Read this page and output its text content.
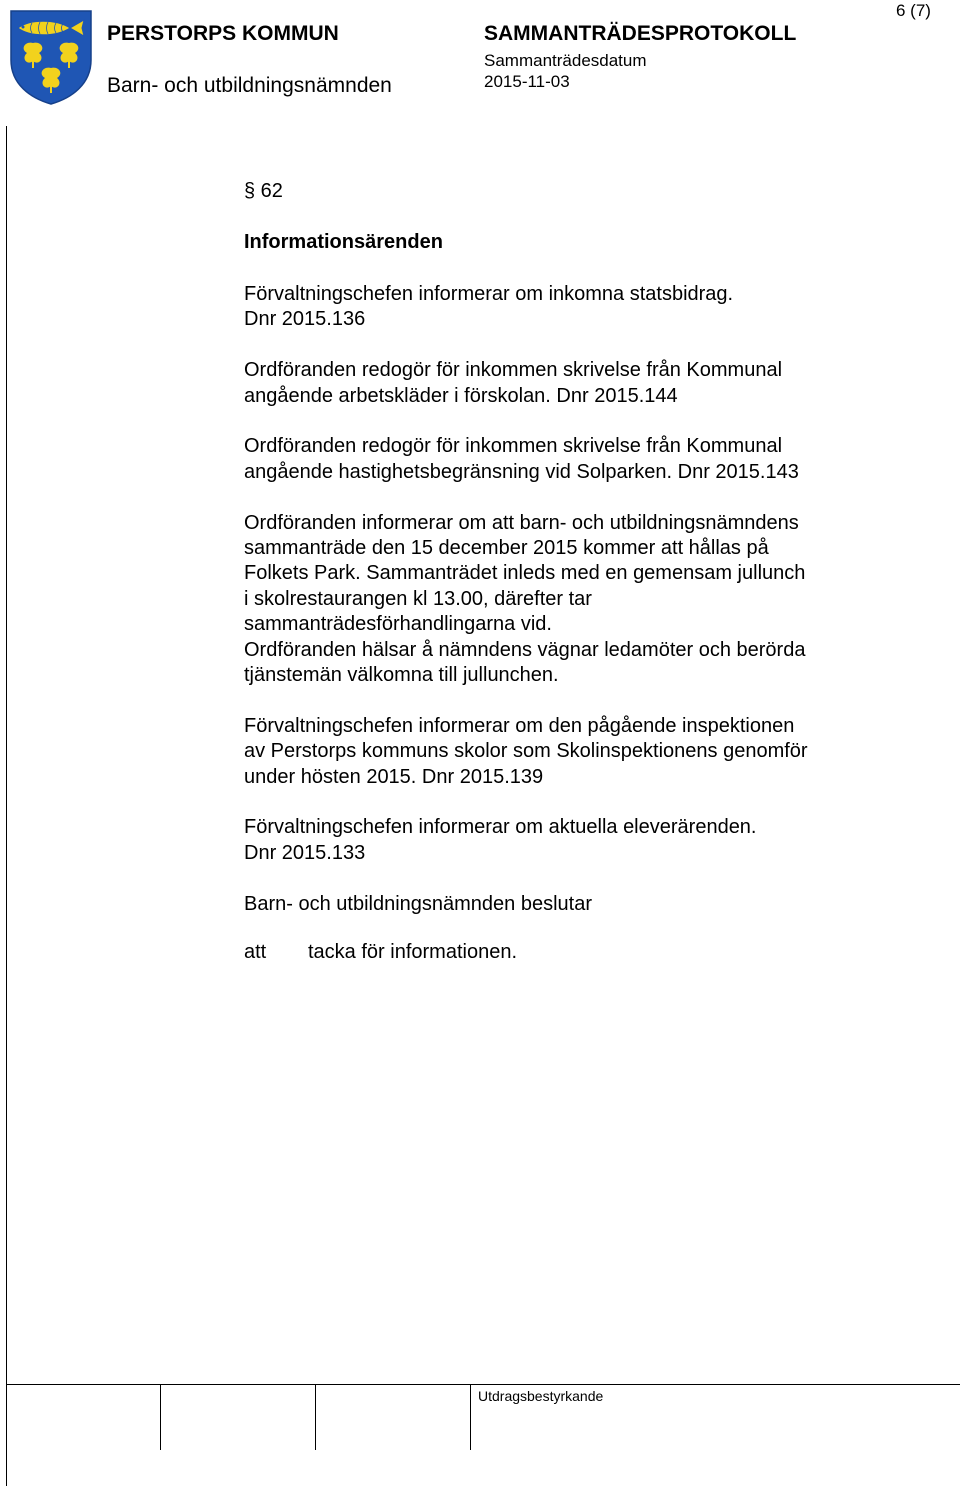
6 (7)
PERSTORPS KOMMUN
Barn- och utbildningsnämnden
SAMMANTRÄDESPROTOKOLL
Sammanträdesdatum
2015-11-03
§ 62
Informationsärenden

Förvaltningschefen informerar om inkomna statsbidrag.
Dnr 2015.136

Ordföranden redogör för inkommen skrivelse från Kommunal
angående arbetskläder i förskolan. Dnr 2015.144

Ordföranden redogör för inkommen skrivelse från Kommunal
angående hastighetsbegränsning vid Solparken. Dnr 2015.143

Ordföranden informerar om att barn- och utbildningsnämndens
sammanträde den 15 december 2015 kommer att hållas på
Folkets Park. Sammanträdet inleds med en gemensam jullunch
i skolrestaurangen kl 13.00, därefter tar
sammanträdesförhandlingarna vid.
Ordföranden hälsar å nämndens vägnar ledamöter och berörda
tjänstemän välkomna till jullunchen.

Förvaltningschefen informerar om den pågående inspektionen
av Perstorps kommuns skolor som Skolinspektionens genomför
under hösten 2015. Dnr 2015.139

Förvaltningschefen informerar om aktuella eleverärenden.
Dnr 2015.133

Barn- och utbildningsnämnden beslutar

att tacka för informationen.
Utdragsbestyrkande
